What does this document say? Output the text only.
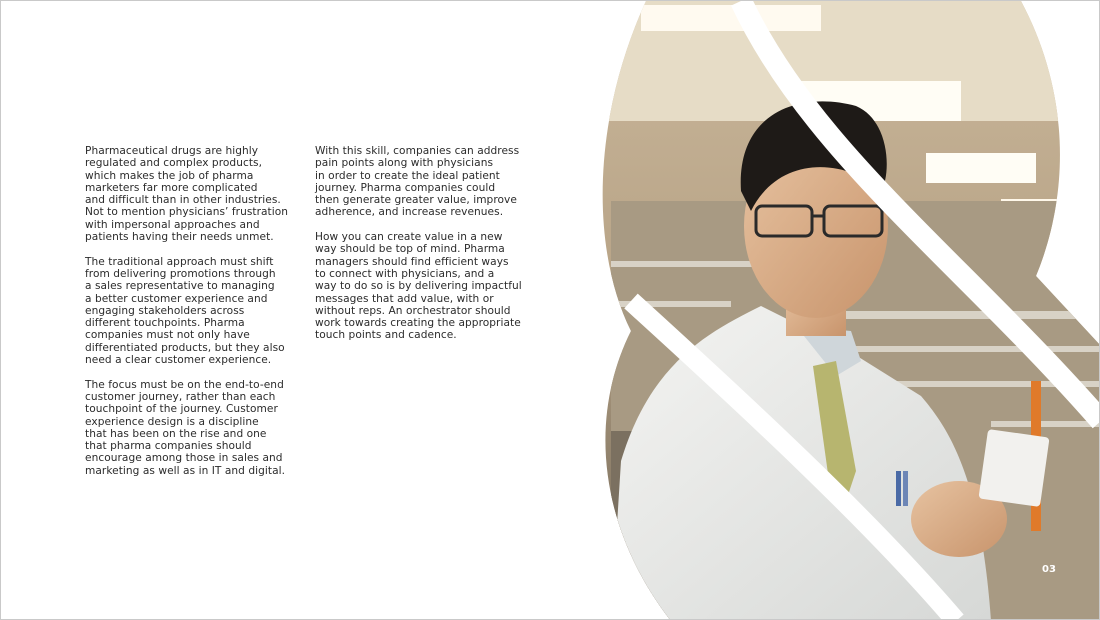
Pharmaceutical drugs are highly
regulated and complex products,
which makes the job of pharma
marketers far more complicated
and difficult than in other industries.
Not to mention physicians’ frustration
with impersonal approaches and
patients having their needs unmet.

The traditional approach must shift
from delivering promotions through
a sales representative to managing
a better customer experience and
engaging stakeholders across
different touchpoints. Pharma
companies must not only have
differentiated products, but they also
need a clear customer experience.

The focus must be on the end-to-end
customer journey, rather than each
touchpoint of the journey. Customer
experience design is a discipline
that has been on the rise and one
that pharma companies should
encourage among those in sales and
marketing as well as in IT and digital.

With this skill, companies can address
pain points along with physicians
in order to create the ideal patient
journey. Pharma companies could
then generate greater value, improve
adherence, and increase revenues.

How you can create value in a new
way should be top of mind. Pharma
managers should find efficient ways
to connect with physicians, and a
way to do so is by delivering impactful
messages that add value, with or
without reps. An orchestrator should
work towards creating the appropriate
touch points and cadence.

03
